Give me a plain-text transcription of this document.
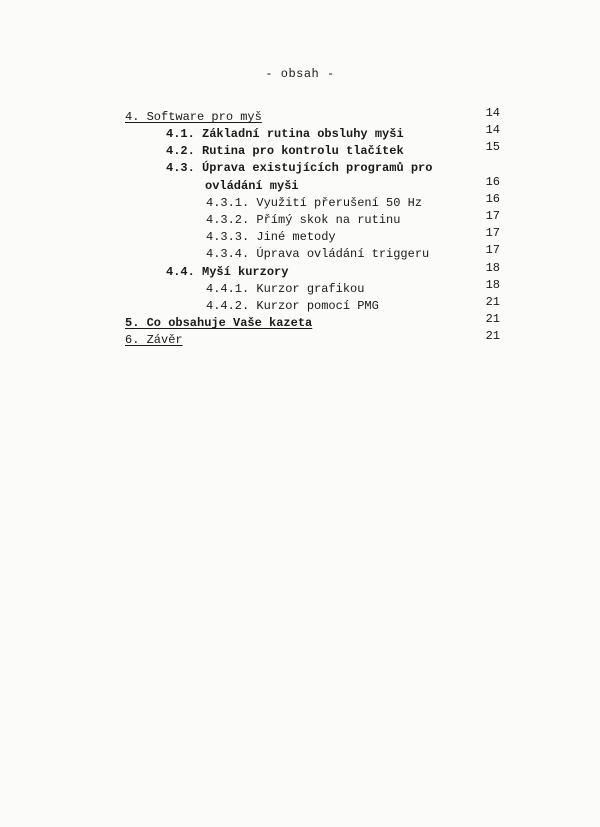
- obsah -
4. Software pro myš	14
4.1. Základní rutina obsluhy myši	14
4.2. Rutina pro kontrolu tlačítek	15
4.3. Úprava existujících programů pro
ovládání myši	16
4.3.1. Využití přerušení 50 Hz	16
4.3.2. Přímý skok na rutinu	17
4.3.3. Jiné metody	17
4.3.4. Úprava ovládání triggeru	17
4.4. Myší kurzory	18
4.4.1. Kurzor grafikou	18
4.4.2. Kurzor pomocí PMG	21
5. Co obsahuje Vaše kazeta	21
6. Závěr	21
